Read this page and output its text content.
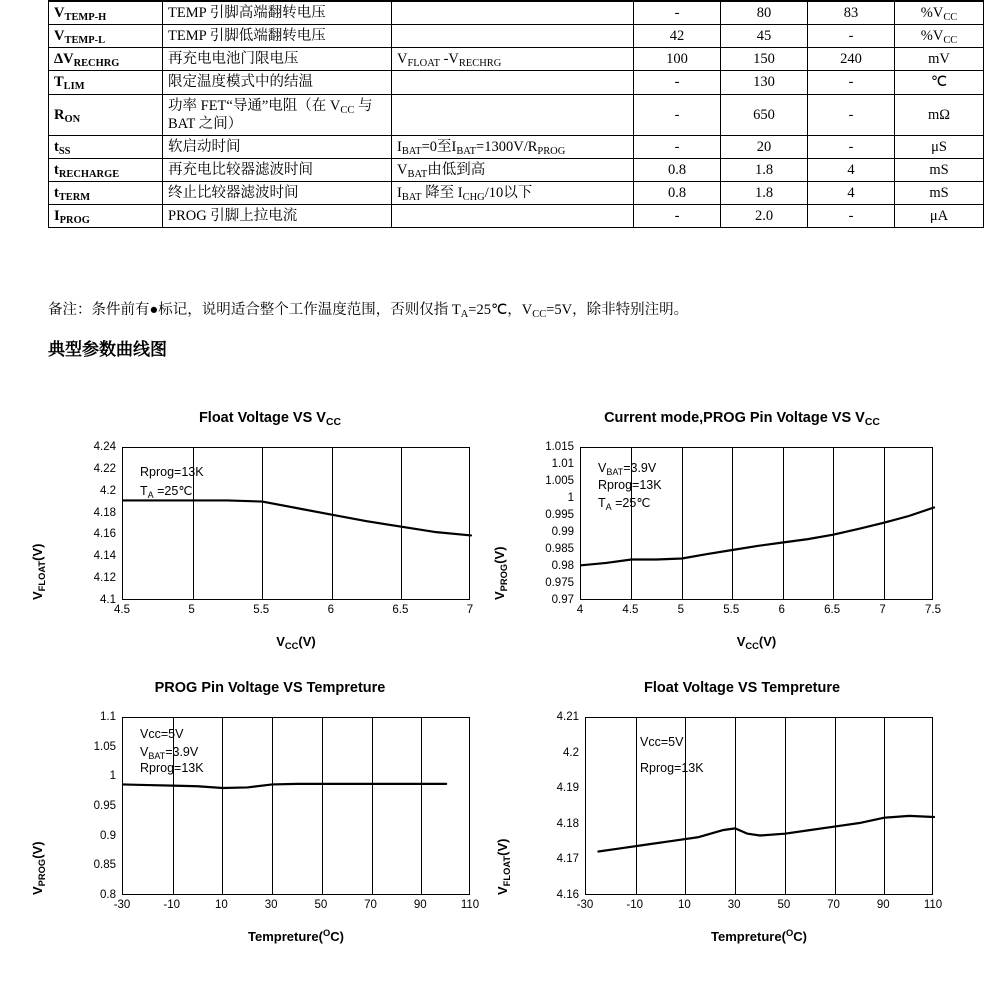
$V_{TEMP-H}$	TEMP 引脚高端翻转电压		-	80	83	$\%V_{CC}$
$V_{TEMP-L}$	TEMP 引脚低端翻转电压		42	45	-	$\%V_{CC}$
$\Delta V_{RECHRG}$	再充电电池门限电压	$V_{FLOAT}$ $-V_{RECHRG}$	100	150	240	mV
$T_{LIM}$	限定温度模式中的结温		-	130	-	℃
$R_{ON}$	功率 FET“导通”电阻（在 $V_{CC}$ 与 BAT 之间）		-	650	-	mΩ
$t_{SS}$	软启动时间	$I_{BAT}=0$至$I_{BAT}=1300V/R_{PROG}$	-	20	-	μS
$t_{RECHARGE}$	再充电比较器滤波时间	$V_{BAT}$由低到高	0.8	1.8	4	mS
$t_{TERM}$	终止比较器滤波时间	$I_{BAT}$ 降至 $I_{CHG}/10$以下	0.8	1.8	4	mS
$I_{PROG}$	PROG 引脚上拉电流		-	2.0	-	μA
备注：条件前有●标记，说明适合整个工作温度范围，否则仅指 $T_A=25℃$，$V_{CC}=5V$，除非特别注明。
典型参数曲线图
Float Voltage VS $V_{CC}$
4.5	5	5.5	6	6.5	7
4.1
4.12
4.14
4.16
4.18
4.2
4.22
4.24
Rprog=13K
$T_A$ =25℃
$V_{CC}(V)$
$V_{FLOAT}(V)$
Current mode,PROG Pin Voltage VS $V_{CC}$
4	4.5	5	5.5	6	6.5	7	7.5
0.97
0.975
0.98
0.985
0.99
0.995
1
1.005
1.01
1.015
$V_{BAT}=3.9V$
Rprog=13K
$T_A$ =25℃
$V_{CC}(V)$
$V_{PROG}(V)$
PROG Pin Voltage VS Tempreture
-30	-10	10	30	50	70	90	110
0.8
0.85
0.9
0.95
1
1.05
1.1
Vcc=5V
$V_{BAT}=3.9V$
Rprog=13K
Tempreture($^O$C)
$V_{PROG}(V)$
Float Voltage VS Tempreture
-30	-10	10	30	50	70	90	110
4.16
4.17
4.18
4.19
4.2
4.21
Vcc=5V
Rprog=13K
Tempreture($^O$C)
$V_{FLOAT}(V)$
